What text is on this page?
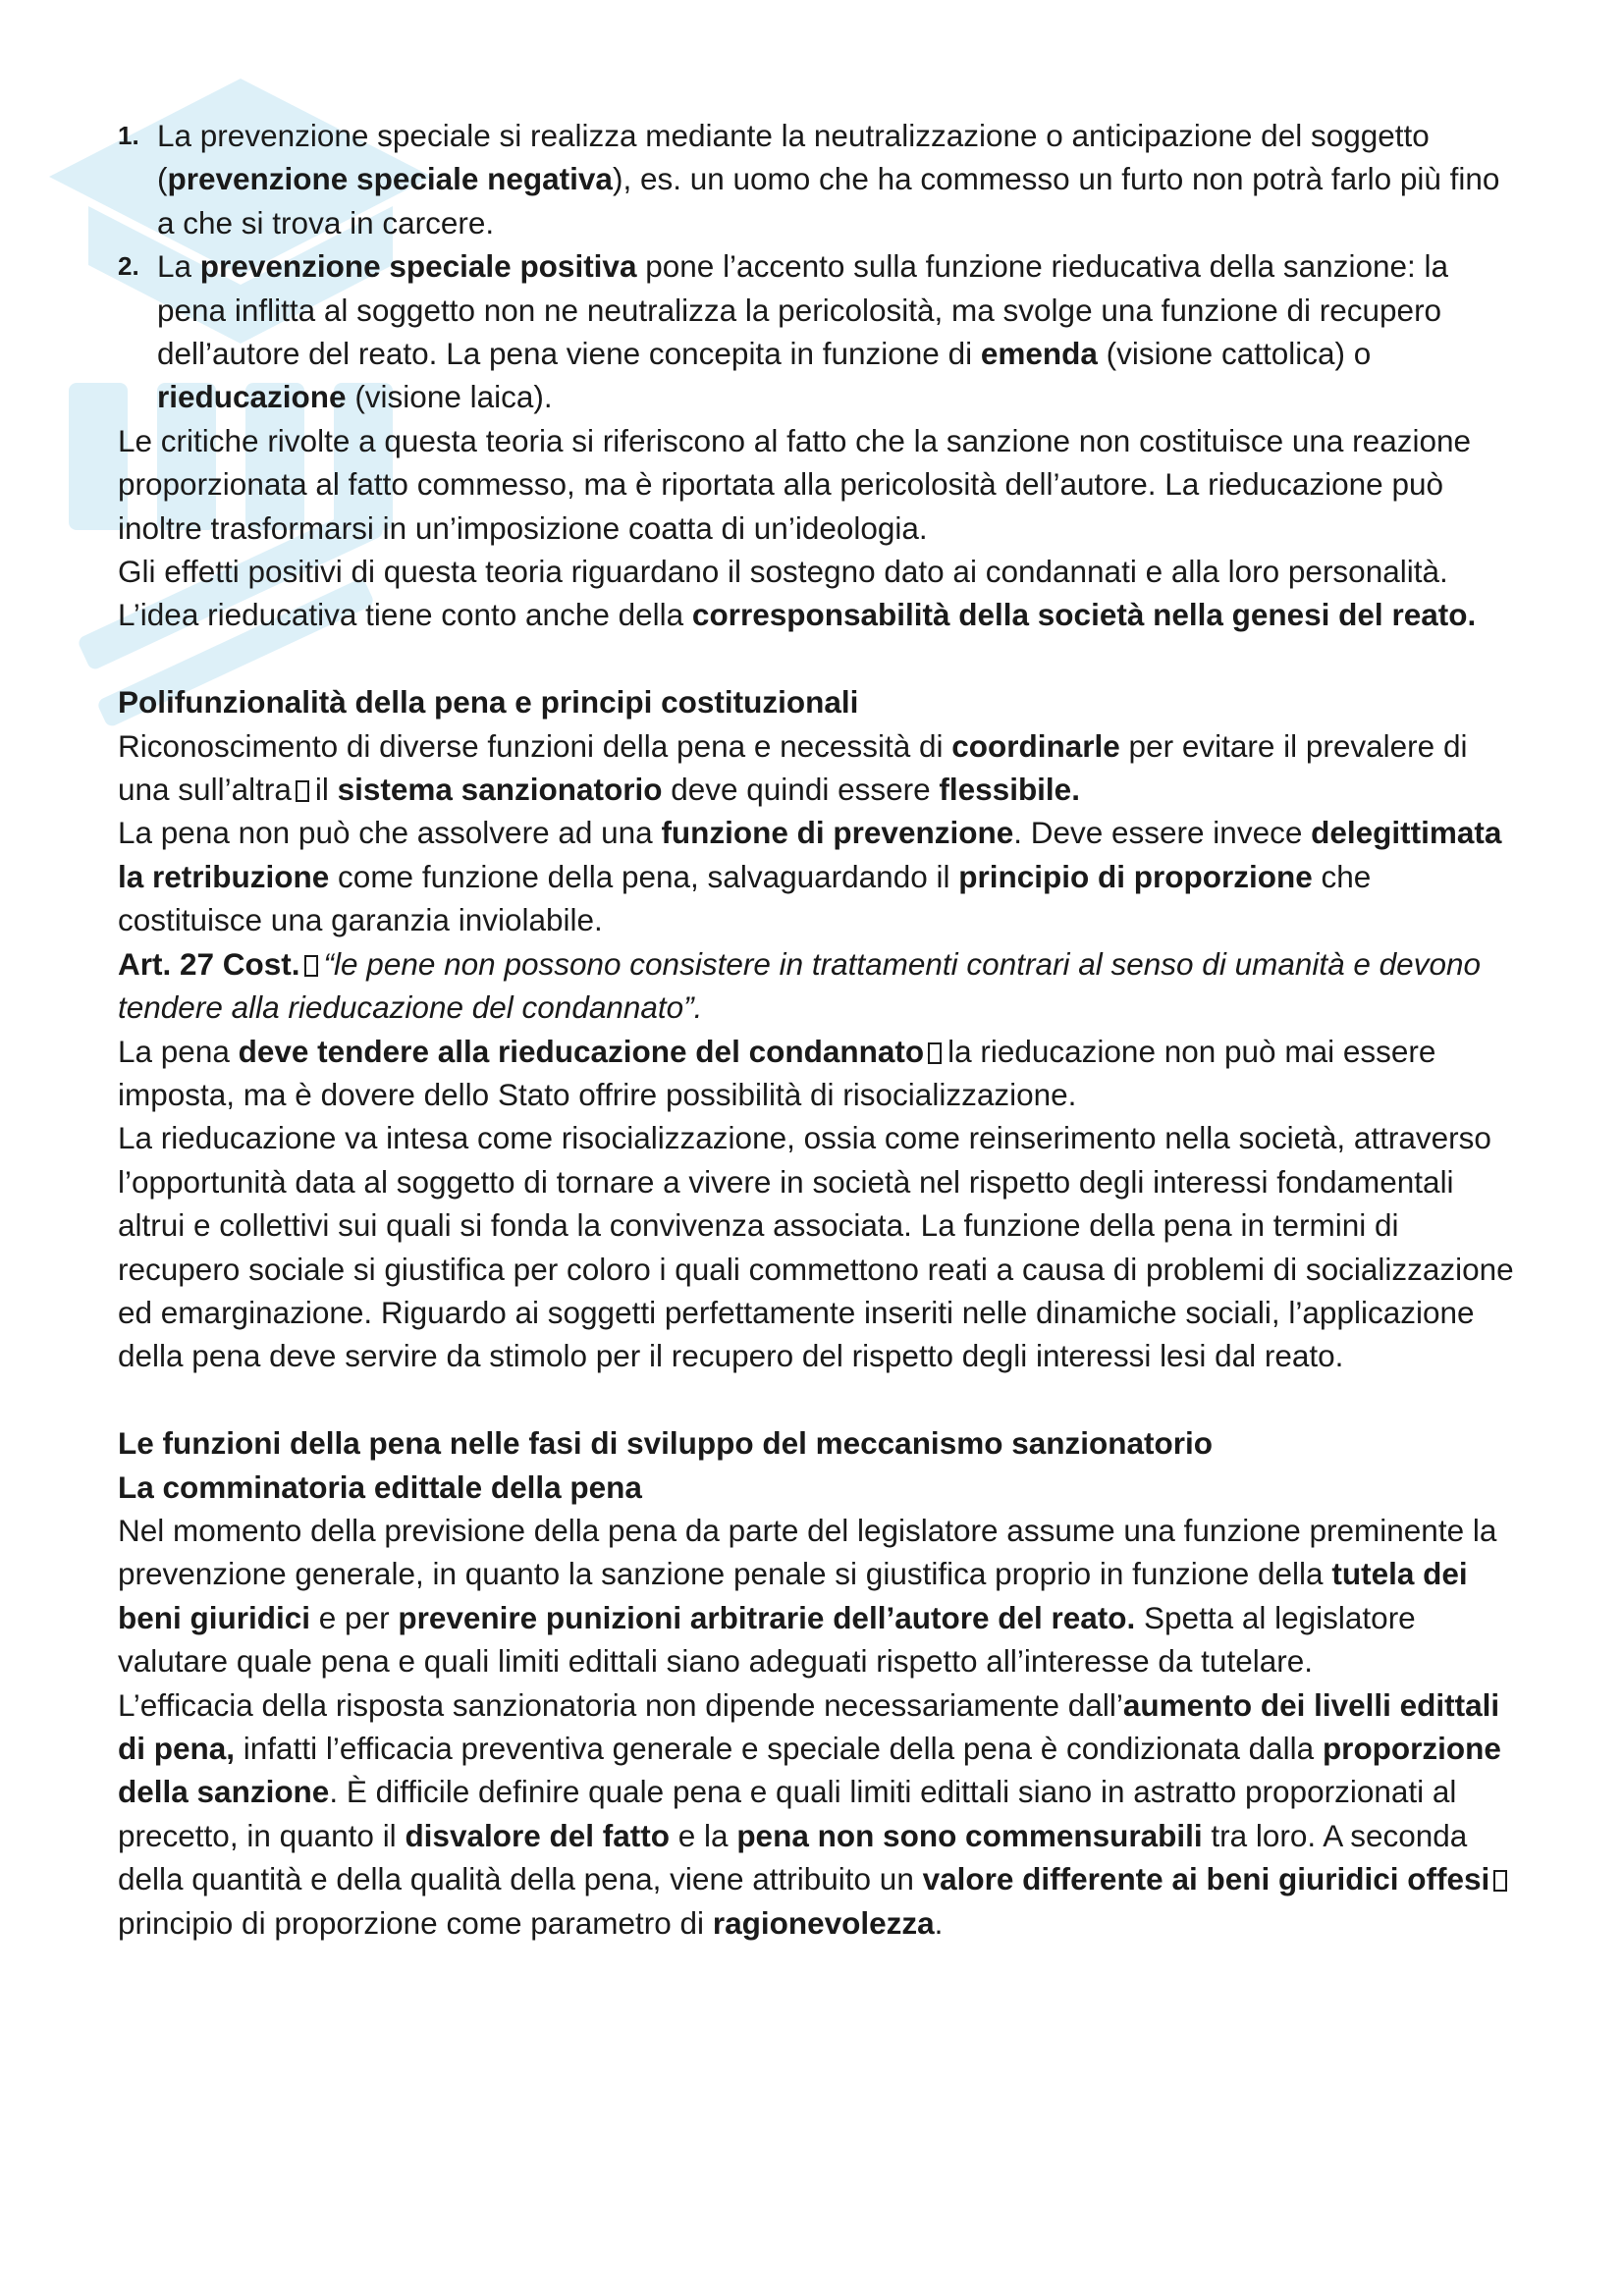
1. La prevenzione speciale si realizza mediante la neutralizzazione o anticipazione del soggetto (prevenzione speciale negativa), es. un uomo che ha commesso un furto non potrà farlo più fino a che si trova in carcere.
2. La prevenzione speciale positiva pone l’accento sulla funzione rieducativa della sanzione: la pena inflitta al soggetto non ne neutralizza la pericolosità, ma svolge una funzione di recupero dell’autore del reato. La pena viene concepita in funzione di emenda (visione cattolica) o rieducazione (visione laica).

Le critiche rivolte a questa teoria si riferiscono al fatto che la sanzione non costituisce una reazione proporzionata al fatto commesso, ma è riportata alla pericolosità dell’autore. La rieducazione può inoltre trasformarsi in un’imposizione coatta di un’ideologia.

Gli effetti positivi di questa teoria riguardano il sostegno dato ai condannati e alla loro personalità.

L’idea rieducativa tiene conto anche della corresponsabilità della società nella genesi del reato.

Polifunzionalità della pena e principi costituzionali

Riconoscimento di diverse funzioni della pena e necessità di coordinarle per evitare il prevalere di una sull’altra il sistema sanzionatorio deve quindi essere flessibile.

La pena non può che assolvere ad una funzione di prevenzione. Deve essere invece delegittimata la retribuzione come funzione della pena, salvaguardando il principio di proporzione che costituisce una garanzia inviolabile.

Art. 27 Cost. “le pene non possono consistere in trattamenti contrari al senso di umanità e devono tendere alla rieducazione del condannato”.

La pena deve tendere alla rieducazione del condannato la rieducazione non può mai essere imposta, ma è dovere dello Stato offrire possibilità di risocializzazione.

La rieducazione va intesa come risocializzazione, ossia come reinserimento nella società, attraverso l’opportunità data al soggetto di tornare a vivere in società nel rispetto degli interessi fondamentali altrui e collettivi sui quali si fonda la convivenza associata. La funzione della pena in termini di recupero sociale si giustifica per coloro i quali commettono reati a causa di problemi di socializzazione ed emarginazione. Riguardo ai soggetti perfettamente inseriti nelle dinamiche sociali, l’applicazione della pena deve servire da stimolo per il recupero del rispetto degli interessi lesi dal reato.

Le funzioni della pena nelle fasi di sviluppo del meccanismo sanzionatorio

La comminatoria edittale della pena

Nel momento della previsione della pena da parte del legislatore assume una funzione preminente la prevenzione generale, in quanto la sanzione penale si giustifica proprio in funzione della tutela dei beni giuridici e per prevenire punizioni arbitrarie dell’autore del reato. Spetta al legislatore valutare quale pena e quali limiti edittali siano adeguati rispetto all’interesse da tutelare.

L’efficacia della risposta sanzionatoria non dipende necessariamente dall’aumento dei livelli edittali di pena, infatti l’efficacia preventiva generale e speciale della pena è condizionata dalla proporzione della sanzione. È difficile definire quale pena e quali limiti edittali siano in astratto proporzionati al precetto, in quanto il disvalore del fatto e la pena non sono commensurabili tra loro. A seconda della quantità e della qualità della pena, viene attribuito un valore differente ai beni giuridici offesiprincipio di proporzione come parametro di ragionevolezza.
